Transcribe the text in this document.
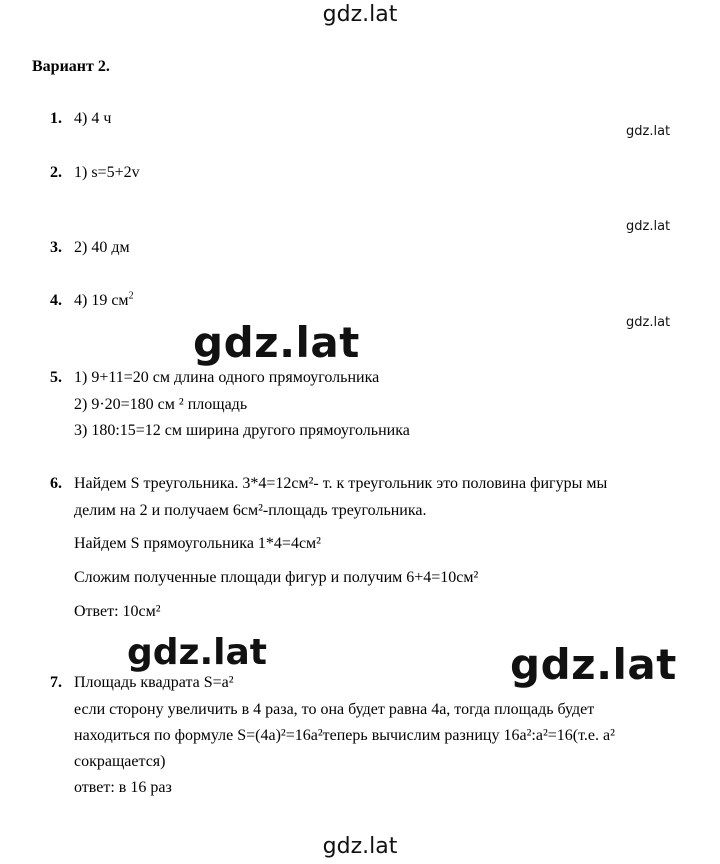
gdz.lat
Вариант 2.
1. 4) 4 ч
gdz.lat
2. 1) s=5+2v
gdz.lat
3. 2) 40 дм
4. 4) 19 $см^2$
gdz.lat
gdz.lat
5. 1) 9+11=20 см длина одного прямоугольника
2) 9·20=180 см ² площадь
3) 180:15=12 см ширина другого прямоугольника
6. Найдем S треугольника. 3*4=12см²- т. к треугольник это половина фигуры мы
делим на 2 и получаем 6см²-площадь треугольника.
Найдем S прямоугольника 1*4=4см²
Сложим полученные площади фигур и получим 6+4=10см²
Ответ: 10см²
gdz.lat	gdz.lat
7. Площадь квадрата S=a²
если сторону увеличить в 4 раза, то она будет равна 4а, тогда площадь будет
находиться по формуле S=(4a)²=16a²теперь вычислим разницу 16a²:a²=16(т.е. a²
сокращается)
ответ: в 16 раз
gdz.lat
